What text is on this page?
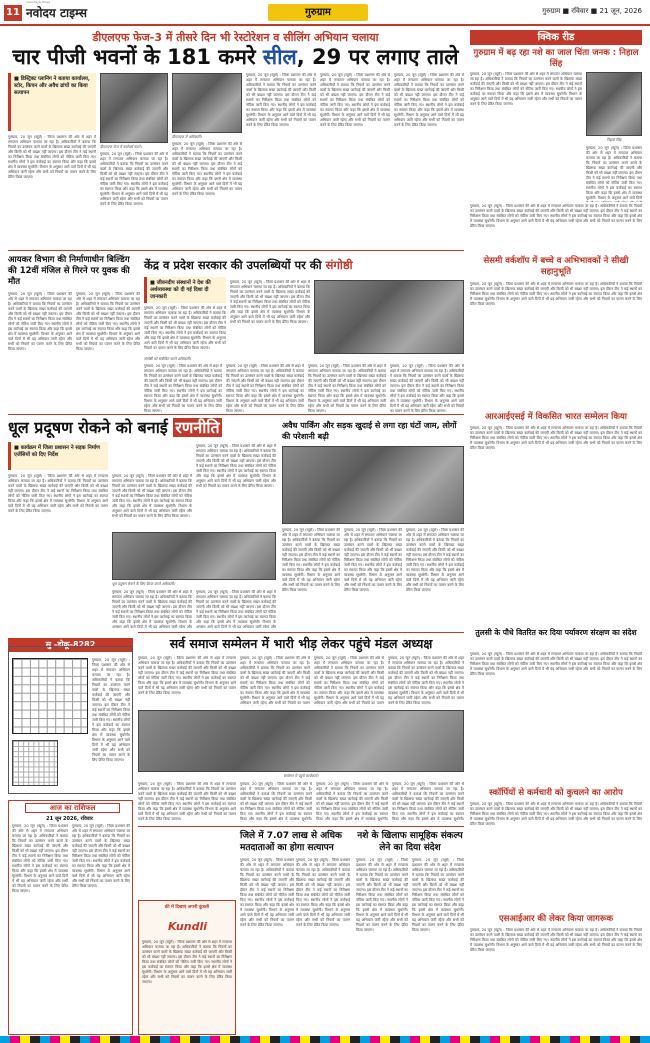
11
navodaya times
नवोदय टाइम्स	गुरुग्राम	गुरुग्राम ■ रविवार ■ 21 जून, 2026
डीएलएफ फेज-3 में तीसरे दिन भी रेस्टोरेशन व सीलिंग अभियान चलाया
चार पीजी भवनों के 181 कमरे सील, 29 पर लगाए ताले

■ डिस्ट्रिक्ट प्लानिंग ने बताया कार्यालय, स्टोर, किचन और अवैध ढांचों का किया सत्यापन

गुरुग्राम, 20 जून (ब्यूरो) : जिला प्रशासन की ओर से शहर में लगातार अभियान चलाया जा रहा है। अधिकारियों ने बताया कि नियमों का उल्लंघन करने वालों के खिलाफ सख्त कार्रवाई की जाएगी और किसी को भी बख्शा नहीं जाएगा। इस दौरान टीम ने कई स्थानों का निरीक्षण किया तथा संबंधित लोगों को नोटिस जारी किए गए। स्थानीय लोगों ने इस कार्रवाई का स्वागत किया और कहा कि इससे क्षेत्र में व्यवस्था सुधरेगी। विभाग के अनुसार आने वाले दिनों में भी यह अभियान जारी रहेगा और सभी को नियमों का पालन करने के लिए प्रेरित किया जाएगा।
डीएलएफ फेज में कार्रवाई करते।
गुरुग्राम, 20 जून (ब्यूरो) : जिला प्रशासन की ओर से शहर में लगातार अभियान चलाया जा रहा है। अधिकारियों ने बताया कि नियमों का उल्लंघन करने वालों के खिलाफ सख्त कार्रवाई की जाएगी और किसी को भी बख्शा नहीं जाएगा। इस दौरान टीम ने कई स्थानों का निरीक्षण किया तथा संबंधित लोगों को नोटिस जारी किए गए। स्थानीय लोगों ने इस कार्रवाई का स्वागत किया और कहा कि इससे क्षेत्र में व्यवस्था सुधरेगी। विभाग के अनुसार आने वाले दिनों में भी यह अभियान जारी रहेगा और सभी को नियमों का पालन करने के लिए प्रेरित किया जाएगा।
डीएलएफ में अधिकारी।
गुरुग्राम, 20 जून (ब्यूरो) : जिला प्रशासन की ओर से शहर में लगातार अभियान चलाया जा रहा है। अधिकारियों ने बताया कि नियमों का उल्लंघन करने वालों के खिलाफ सख्त कार्रवाई की जाएगी और किसी को भी बख्शा नहीं जाएगा। इस दौरान टीम ने कई स्थानों का निरीक्षण किया तथा संबंधित लोगों को नोटिस जारी किए गए। स्थानीय लोगों ने इस कार्रवाई का स्वागत किया और कहा कि इससे क्षेत्र में व्यवस्था सुधरेगी। विभाग के अनुसार आने वाले दिनों में भी यह अभियान जारी रहेगा और सभी को नियमों का पालन करने के लिए प्रेरित किया जाएगा।
गुरुग्राम, 20 जून (ब्यूरो) : जिला प्रशासन की ओर से शहर में लगातार अभियान चलाया जा रहा है। अधिकारियों ने बताया कि नियमों का उल्लंघन करने वालों के खिलाफ सख्त कार्रवाई की जाएगी और किसी को भी बख्शा नहीं जाएगा। इस दौरान टीम ने कई स्थानों का निरीक्षण किया तथा संबंधित लोगों को नोटिस जारी किए गए। स्थानीय लोगों ने इस कार्रवाई का स्वागत किया और कहा कि इससे क्षेत्र में व्यवस्था सुधरेगी। विभाग के अनुसार आने वाले दिनों में भी यह अभियान जारी रहेगा और सभी को नियमों का पालन करने के लिए प्रेरित किया जाएगा।
गुरुग्राम, 20 जून (ब्यूरो) : जिला प्रशासन की ओर से शहर में लगातार अभियान चलाया जा रहा है। अधिकारियों ने बताया कि नियमों का उल्लंघन करने वालों के खिलाफ सख्त कार्रवाई की जाएगी और किसी को भी बख्शा नहीं जाएगा। इस दौरान टीम ने कई स्थानों का निरीक्षण किया तथा संबंधित लोगों को नोटिस जारी किए गए। स्थानीय लोगों ने इस कार्रवाई का स्वागत किया और कहा कि इससे क्षेत्र में व्यवस्था सुधरेगी। विभाग के अनुसार आने वाले दिनों में भी यह अभियान जारी रहेगा और सभी को नियमों का पालन करने के लिए प्रेरित किया जाएगा।
गुरुग्राम, 20 जून (ब्यूरो) : जिला प्रशासन की ओर से शहर में लगातार अभियान चलाया जा रहा है। अधिकारियों ने बताया कि नियमों का उल्लंघन करने वालों के खिलाफ सख्त कार्रवाई की जाएगी और किसी को भी बख्शा नहीं जाएगा। इस दौरान टीम ने कई स्थानों का निरीक्षण किया तथा संबंधित लोगों को नोटिस जारी किए गए। स्थानीय लोगों ने इस कार्रवाई का स्वागत किया और कहा कि इससे क्षेत्र में व्यवस्था सुधरेगी। विभाग के अनुसार आने वाले दिनों में भी यह अभियान जारी रहेगा और सभी को नियमों का पालन करने के लिए प्रेरित किया जाएगा।
आयकर विभाग की निर्माणाधीन बिल्डिंग की 12वीं मंजिल से गिरने पर युवक की मौत
गुरुग्राम, 20 जून (ब्यूरो) : जिला प्रशासन की ओर से शहर में लगातार अभियान चलाया जा रहा है। अधिकारियों ने बताया कि नियमों का उल्लंघन करने वालों के खिलाफ सख्त कार्रवाई की जाएगी और किसी को भी बख्शा नहीं जाएगा। इस दौरान टीम ने कई स्थानों का निरीक्षण किया तथा संबंधित लोगों को नोटिस जारी किए गए। स्थानीय लोगों ने इस कार्रवाई का स्वागत किया और कहा कि इससे क्षेत्र में व्यवस्था सुधरेगी। विभाग के अनुसार आने वाले दिनों में भी यह अभियान जारी रहेगा और सभी को नियमों का पालन करने के लिए प्रेरित किया जाएगा।
गुरुग्राम, 20 जून (ब्यूरो) : जिला प्रशासन की ओर से शहर में लगातार अभियान चलाया जा रहा है। अधिकारियों ने बताया कि नियमों का उल्लंघन करने वालों के खिलाफ सख्त कार्रवाई की जाएगी और किसी को भी बख्शा नहीं जाएगा। इस दौरान टीम ने कई स्थानों का निरीक्षण किया तथा संबंधित लोगों को नोटिस जारी किए गए। स्थानीय लोगों ने इस कार्रवाई का स्वागत किया और कहा कि इससे क्षेत्र में व्यवस्था सुधरेगी। विभाग के अनुसार आने वाले दिनों में भी यह अभियान जारी रहेगा और सभी को नियमों का पालन करने के लिए प्रेरित किया जाएगा।
केंद्र व प्रदेश सरकार की उपलब्धियों पर की संगोष्ठी

■ जीवनदीप संस्थानों ने देश की अर्थव्यवस्था को दी गई दिशा दी जानकारी

गुरुग्राम, 20 जून (ब्यूरो) : जिला प्रशासन की ओर से शहर में लगातार अभियान चलाया जा रहा है। अधिकारियों ने बताया कि नियमों का उल्लंघन करने वालों के खिलाफ सख्त कार्रवाई की जाएगी और किसी को भी बख्शा नहीं जाएगा। इस दौरान टीम ने कई स्थानों का निरीक्षण किया तथा संबंधित लोगों को नोटिस जारी किए गए। स्थानीय लोगों ने इस कार्रवाई का स्वागत किया और कहा कि इससे क्षेत्र में व्यवस्था सुधरेगी। विभाग के अनुसार आने वाले दिनों में भी यह अभियान जारी रहेगा और सभी को नियमों का पालन करने के लिए प्रेरित किया जाएगा।
गुरुग्राम, 20 जून (ब्यूरो) : जिला प्रशासन की ओर से शहर में लगातार अभियान चलाया जा रहा है। अधिकारियों ने बताया कि नियमों का उल्लंघन करने वालों के खिलाफ सख्त कार्रवाई की जाएगी और किसी को भी बख्शा नहीं जाएगा। इस दौरान टीम ने कई स्थानों का निरीक्षण किया तथा संबंधित लोगों को नोटिस जारी किए गए। स्थानीय लोगों ने इस कार्रवाई का स्वागत किया और कहा कि इससे क्षेत्र में व्यवस्था सुधरेगी। विभाग के अनुसार आने वाले दिनों में भी यह अभियान जारी रहेगा और सभी को नियमों का पालन करने के लिए प्रेरित किया जाएगा।
संगोष्ठी को संबोधित करते अधिकारी।
गुरुग्राम, 20 जून (ब्यूरो) : जिला प्रशासन की ओर से शहर में लगातार अभियान चलाया जा रहा है। अधिकारियों ने बताया कि नियमों का उल्लंघन करने वालों के खिलाफ सख्त कार्रवाई की जाएगी और किसी को भी बख्शा नहीं जाएगा। इस दौरान टीम ने कई स्थानों का निरीक्षण किया तथा संबंधित लोगों को नोटिस जारी किए गए। स्थानीय लोगों ने इस कार्रवाई का स्वागत किया और कहा कि इससे क्षेत्र में व्यवस्था सुधरेगी। विभाग के अनुसार आने वाले दिनों में भी यह अभियान जारी रहेगा और सभी को नियमों का पालन करने के लिए प्रेरित किया जाएगा।
गुरुग्राम, 20 जून (ब्यूरो) : जिला प्रशासन की ओर से शहर में लगातार अभियान चलाया जा रहा है। अधिकारियों ने बताया कि नियमों का उल्लंघन करने वालों के खिलाफ सख्त कार्रवाई की जाएगी और किसी को भी बख्शा नहीं जाएगा। इस दौरान टीम ने कई स्थानों का निरीक्षण किया तथा संबंधित लोगों को नोटिस जारी किए गए। स्थानीय लोगों ने इस कार्रवाई का स्वागत किया और कहा कि इससे क्षेत्र में व्यवस्था सुधरेगी। विभाग के अनुसार आने वाले दिनों में भी यह अभियान जारी रहेगा और सभी को नियमों का पालन करने के लिए प्रेरित किया जाएगा।
गुरुग्राम, 20 जून (ब्यूरो) : जिला प्रशासन की ओर से शहर में लगातार अभियान चलाया जा रहा है। अधिकारियों ने बताया कि नियमों का उल्लंघन करने वालों के खिलाफ सख्त कार्रवाई की जाएगी और किसी को भी बख्शा नहीं जाएगा। इस दौरान टीम ने कई स्थानों का निरीक्षण किया तथा संबंधित लोगों को नोटिस जारी किए गए। स्थानीय लोगों ने इस कार्रवाई का स्वागत किया और कहा कि इससे क्षेत्र में व्यवस्था सुधरेगी। विभाग के अनुसार आने वाले दिनों में भी यह अभियान जारी रहेगा और सभी को नियमों का पालन करने के लिए प्रेरित किया जाएगा।
गुरुग्राम, 20 जून (ब्यूरो) : जिला प्रशासन की ओर से शहर में लगातार अभियान चलाया जा रहा है। अधिकारियों ने बताया कि नियमों का उल्लंघन करने वालों के खिलाफ सख्त कार्रवाई की जाएगी और किसी को भी बख्शा नहीं जाएगा। इस दौरान टीम ने कई स्थानों का निरीक्षण किया तथा संबंधित लोगों को नोटिस जारी किए गए। स्थानीय लोगों ने इस कार्रवाई का स्वागत किया और कहा कि इससे क्षेत्र में व्यवस्था सुधरेगी। विभाग के अनुसार आने वाले दिनों में भी यह अभियान जारी रहेगा और सभी को नियमों का पालन करने के लिए प्रेरित किया जाएगा।
धूल प्रदूषण रोकने को बनाई रणनीति

■ कार्यक्रम में जिला प्रशासन ने सड़क निर्माण एजेंसियों को दिए निर्देश

गुरुग्राम, 20 जून (ब्यूरो) : जिला प्रशासन की ओर से शहर में लगातार अभियान चलाया जा रहा है। अधिकारियों ने बताया कि नियमों का उल्लंघन करने वालों के खिलाफ सख्त कार्रवाई की जाएगी और किसी को भी बख्शा नहीं जाएगा। इस दौरान टीम ने कई स्थानों का निरीक्षण किया तथा संबंधित लोगों को नोटिस जारी किए गए। स्थानीय लोगों ने इस कार्रवाई का स्वागत किया और कहा कि इससे क्षेत्र में व्यवस्था सुधरेगी। विभाग के अनुसार आने वाले दिनों में भी यह अभियान जारी रहेगा और सभी को नियमों का पालन करने के लिए प्रेरित किया जाएगा।
गुरुग्राम, 20 जून (ब्यूरो) : जिला प्रशासन की ओर से शहर में लगातार अभियान चलाया जा रहा है। अधिकारियों ने बताया कि नियमों का उल्लंघन करने वालों के खिलाफ सख्त कार्रवाई की जाएगी और किसी को भी बख्शा नहीं जाएगा। इस दौरान टीम ने कई स्थानों का निरीक्षण किया तथा संबंधित लोगों को नोटिस जारी किए गए। स्थानीय लोगों ने इस कार्रवाई का स्वागत किया और कहा कि इससे क्षेत्र में व्यवस्था सुधरेगी। विभाग के अनुसार आने वाले दिनों में भी यह अभियान जारी रहेगा और सभी को नियमों का पालन करने के लिए प्रेरित किया जाएगा।
गुरुग्राम, 20 जून (ब्यूरो) : जिला प्रशासन की ओर से शहर में लगातार अभियान चलाया जा रहा है। अधिकारियों ने बताया कि नियमों का उल्लंघन करने वालों के खिलाफ सख्त कार्रवाई की जाएगी और किसी को भी बख्शा नहीं जाएगा। इस दौरान टीम ने कई स्थानों का निरीक्षण किया तथा संबंधित लोगों को नोटिस जारी किए गए। स्थानीय लोगों ने इस कार्रवाई का स्वागत किया और कहा कि इससे क्षेत्र में व्यवस्था सुधरेगी। विभाग के अनुसार आने वाले दिनों में भी यह अभियान जारी रहेगा और सभी को नियमों का पालन करने के लिए प्रेरित किया जाएगा।
धूल प्रदूषण रोकने के लिए बैठक करते अधिकारी।
गुरुग्राम, 20 जून (ब्यूरो) : जिला प्रशासन की ओर से शहर में लगातार अभियान चलाया जा रहा है। अधिकारियों ने बताया कि नियमों का उल्लंघन करने वालों के खिलाफ सख्त कार्रवाई की जाएगी और किसी को भी बख्शा नहीं जाएगा। इस दौरान टीम ने कई स्थानों का निरीक्षण किया तथा संबंधित लोगों को नोटिस जारी किए गए। स्थानीय लोगों ने इस कार्रवाई का स्वागत किया और कहा कि इससे क्षेत्र में व्यवस्था सुधरेगी। विभाग के अनुसार आने वाले दिनों में भी यह अभियान जारी रहेगा और
गुरुग्राम, 20 जून (ब्यूरो) : जिला प्रशासन की ओर से शहर में लगातार अभियान चलाया जा रहा है। अधिकारियों ने बताया कि नियमों का उल्लंघन करने वालों के खिलाफ सख्त कार्रवाई की जाएगी और किसी को भी बख्शा नहीं जाएगा। इस दौरान टीम ने कई स्थानों का निरीक्षण किया तथा संबंधित लोगों को नोटिस जारी किए गए। स्थानीय लोगों ने इस कार्रवाई का स्वागत किया और कहा कि इससे क्षेत्र में व्यवस्था सुधरेगी। विभाग के अनुसार आने वाले दिनों में भी यह अभियान जारी रहेगा और
अवैध पार्किंग और सड़क खुदाई से लगा रहा घंटों जाम, लोगों की परेशानी बढ़ी
गुरुग्राम, 20 जून (ब्यूरो) : जिला प्रशासन की ओर से शहर में लगातार अभियान चलाया जा रहा है। अधिकारियों ने बताया कि नियमों का उल्लंघन करने वालों के खिलाफ सख्त कार्रवाई की जाएगी और किसी को भी बख्शा नहीं जाएगा। इस दौरान टीम ने कई स्थानों का निरीक्षण किया तथा संबंधित लोगों को नोटिस जारी किए गए। स्थानीय लोगों ने इस कार्रवाई का स्वागत किया और कहा कि इससे क्षेत्र में व्यवस्था सुधरेगी। विभाग के अनुसार आने वाले दिनों में भी यह अभियान जारी रहेगा और सभी को नियमों का पालन करने के लिए प्रेरित किया जाएगा।
गुरुग्राम, 20 जून (ब्यूरो) : जिला प्रशासन की ओर से शहर में लगातार अभियान चलाया जा रहा है। अधिकारियों ने बताया कि नियमों का उल्लंघन करने वालों के खिलाफ सख्त कार्रवाई की जाएगी और किसी को भी बख्शा नहीं जाएगा। इस दौरान टीम ने कई स्थानों का निरीक्षण किया तथा संबंधित लोगों को नोटिस जारी किए गए। स्थानीय लोगों ने इस कार्रवाई का स्वागत किया और कहा कि इससे क्षेत्र में व्यवस्था सुधरेगी। विभाग के अनुसार आने वाले दिनों में भी यह अभियान जारी रहेगा और सभी को नियमों का पालन करने के लिए प्रेरित किया जाएगा।
गुरुग्राम, 20 जून (ब्यूरो) : जिला प्रशासन की ओर से शहर में लगातार अभियान चलाया जा रहा है। अधिकारियों ने बताया कि नियमों का उल्लंघन करने वालों के खिलाफ सख्त कार्रवाई की जाएगी और किसी को भी बख्शा नहीं जाएगा। इस दौरान टीम ने कई स्थानों का निरीक्षण किया तथा संबंधित लोगों को नोटिस जारी किए गए। स्थानीय लोगों ने इस कार्रवाई का स्वागत किया और कहा कि इससे क्षेत्र में व्यवस्था सुधरेगी। विभाग के अनुसार आने वाले दिनों में भी यह अभियान जारी रहेगा और सभी को नियमों का पालन करने के लिए प्रेरित किया जाएगा।
सु -डोकू-8282
गुरुग्राम, 20 जून (ब्यूरो) : जिला प्रशासन की ओर से शहर में लगातार अभियान चलाया जा रहा है। अधिकारियों ने बताया कि नियमों का उल्लंघन करने वालों के खिलाफ सख्त कार्रवाई की जाएगी और किसी को भी बख्शा नहीं जाएगा। इस दौरान टीम ने कई स्थानों का निरीक्षण किया तथा संबंधित लोगों को नोटिस जारी किए गए। स्थानीय लोगों ने इस कार्रवाई का स्वागत किया और कहा कि इससे क्षेत्र में व्यवस्था सुधरेगी। विभाग के अनुसार आने वाले दिनों में भी यह अभियान जारी रहेगा और सभी को नियमों का पालन करने के लिए प्रेरित किया जाएगा।
आज का राशिफल
21 जून 2026, रविवार
गुरुग्राम, 20 जून (ब्यूरो) : जिला प्रशासन की ओर से शहर में लगातार अभियान चलाया जा रहा है। अधिकारियों ने बताया कि नियमों का उल्लंघन करने वालों के खिलाफ सख्त कार्रवाई की जाएगी और किसी को भी बख्शा नहीं जाएगा। इस दौरान टीम ने कई स्थानों का निरीक्षण किया तथा संबंधित लोगों को नोटिस जारी किए गए। स्थानीय लोगों ने इस कार्रवाई का स्वागत किया और कहा कि इससे क्षेत्र में व्यवस्था सुधरेगी। विभाग के अनुसार आने वाले दिनों में भी यह अभियान जारी रहेगा और सभी को नियमों का पालन करने के लिए प्रेरित किया जाएगा।
गुरुग्राम, 20 जून (ब्यूरो) : जिला प्रशासन की ओर से शहर में लगातार अभियान चलाया जा रहा है। अधिकारियों ने बताया कि नियमों का उल्लंघन करने वालों के खिलाफ सख्त कार्रवाई की जाएगी और किसी को भी बख्शा नहीं जाएगा। इस दौरान टीम ने कई स्थानों का निरीक्षण किया तथा संबंधित लोगों को नोटिस जारी किए गए। स्थानीय लोगों ने इस कार्रवाई का स्वागत किया और कहा कि इससे क्षेत्र में व्यवस्था सुधरेगी। विभाग के अनुसार आने वाले दिनों में भी यह अभियान जारी रहेगा और सभी को नियमों का पालन करने के लिए प्रेरित किया जाएगा।
सर्व समाज सम्मेलन में भारी भीड़ लेकर पहुंचे मंडल अध्यक्ष
गुरुग्राम, 20 जून (ब्यूरो) : जिला प्रशासन की ओर से शहर में लगातार अभियान चलाया जा रहा है। अधिकारियों ने बताया कि नियमों का उल्लंघन करने वालों के खिलाफ सख्त कार्रवाई की जाएगी और किसी को भी बख्शा नहीं जाएगा। इस दौरान टीम ने कई स्थानों का निरीक्षण किया तथा संबंधित लोगों को नोटिस जारी किए गए। स्थानीय लोगों ने इस कार्रवाई का स्वागत किया और कहा कि इससे क्षेत्र में व्यवस्था सुधरेगी। विभाग के अनुसार आने वाले दिनों में भी यह अभियान जारी रहेगा और सभी को नियमों का पालन करने के लिए प्रेरित किया जाएगा।
गुरुग्राम, 20 जून (ब्यूरो) : जिला प्रशासन की ओर से शहर में लगातार अभियान चलाया जा रहा है। अधिकारियों ने बताया कि नियमों का उल्लंघन करने वालों के खिलाफ सख्त कार्रवाई की जाएगी और किसी को भी बख्शा नहीं जाएगा। इस दौरान टीम ने कई स्थानों का निरीक्षण किया तथा संबंधित लोगों को नोटिस जारी किए गए। स्थानीय लोगों ने इस कार्रवाई का स्वागत किया और कहा कि इससे क्षेत्र में व्यवस्था सुधरेगी। विभाग के अनुसार आने वाले दिनों में भी यह अभियान जारी रहेगा और सभी को नियमों का पालन
गुरुग्राम, 20 जून (ब्यूरो) : जिला प्रशासन की ओर से शहर में लगातार अभियान चलाया जा रहा है। अधिकारियों ने बताया कि नियमों का उल्लंघन करने वालों के खिलाफ सख्त कार्रवाई की जाएगी और किसी को भी बख्शा नहीं जाएगा। इस दौरान टीम ने कई स्थानों का निरीक्षण किया तथा संबंधित लोगों को नोटिस जारी किए गए। स्थानीय लोगों ने इस कार्रवाई का स्वागत किया और कहा कि इससे क्षेत्र में व्यवस्था सुधरेगी। विभाग के अनुसार आने वाले दिनों में भी यह अभियान जारी रहेगा और सभी को नियमों का पालन
गुरुग्राम, 20 जून (ब्यूरो) : जिला प्रशासन की ओर से शहर में लगातार अभियान चलाया जा रहा है। अधिकारियों ने बताया कि नियमों का उल्लंघन करने वालों के खिलाफ सख्त कार्रवाई की जाएगी और किसी को भी बख्शा नहीं जाएगा। इस दौरान टीम ने कई स्थानों का निरीक्षण किया तथा संबंधित लोगों को नोटिस जारी किए गए। स्थानीय लोगों ने इस कार्रवाई का स्वागत किया और कहा कि इससे क्षेत्र में व्यवस्था सुधरेगी। विभाग के अनुसार आने वाले दिनों में भी यह अभियान जारी रहेगा और सभी को नियमों का पालन करने के लिए प्रेरित किया जाएगा।
सम्मेलन में पहुंचे कार्यकर्ता।
गुरुग्राम, 20 जून (ब्यूरो) : जिला प्रशासन की ओर से शहर में लगातार अभियान चलाया जा रहा है। अधिकारियों ने बताया कि नियमों का उल्लंघन करने वालों के खिलाफ सख्त कार्रवाई की जाएगी और किसी को भी बख्शा नहीं जाएगा। इस दौरान टीम ने कई स्थानों का निरीक्षण किया तथा संबंधित लोगों को नोटिस जारी किए गए। स्थानीय लोगों ने इस कार्रवाई का स्वागत किया और कहा कि इससे क्षेत्र में व्यवस्था सुधरेगी। विभाग के अनुसार आने वाले दिनों में भी यह अभियान जारी रहेगा और सभी को नियमों का पालन करने के लिए प्रेरित किया जाएगा।
गुरुग्राम, 20 जून (ब्यूरो) : जिला प्रशासन की ओर से शहर में लगातार अभियान चलाया जा रहा है। अधिकारियों ने बताया कि नियमों का उल्लंघन करने वालों के खिलाफ सख्त कार्रवाई की जाएगी और किसी को भी बख्शा नहीं जाएगा। इस दौरान टीम ने कई स्थानों का निरीक्षण किया तथा संबंधित लोगों को नोटिस जारी किए गए। स्थानीय लोगों ने इस कार्रवाई का स्वागत किया और कहा कि इससे क्षेत्र में व्यवस्था सुधरेगी।
गुरुग्राम, 20 जून (ब्यूरो) : जिला प्रशासन की ओर से शहर में लगातार अभियान चलाया जा रहा है। अधिकारियों ने बताया कि नियमों का उल्लंघन करने वालों के खिलाफ सख्त कार्रवाई की जाएगी और किसी को भी बख्शा नहीं जाएगा। इस दौरान टीम ने कई स्थानों का निरीक्षण किया तथा संबंधित लोगों को नोटिस जारी किए गए। स्थानीय लोगों ने इस कार्रवाई का स्वागत किया और कहा कि इससे क्षेत्र में व्यवस्था सुधरेगी।
गुरुग्राम, 20 जून (ब्यूरो) : जिला प्रशासन की ओर से शहर में लगातार अभियान चलाया जा रहा है। अधिकारियों ने बताया कि नियमों का उल्लंघन करने वालों के खिलाफ सख्त कार्रवाई की जाएगी और किसी को भी बख्शा नहीं जाएगा। इस दौरान टीम ने कई स्थानों का निरीक्षण किया तथा संबंधित लोगों को नोटिस जारी किए गए। स्थानीय लोगों ने इस कार्रवाई का स्वागत किया और कहा कि इससे क्षेत्र में व्यवस्था सुधरेगी।
जिले में 7.07 लाख से अधिक मतदाताओं का होगा सत्यापन
गुरुग्राम, 20 जून (ब्यूरो) : जिला प्रशासन की ओर से शहर में लगातार अभियान चलाया जा रहा है। अधिकारियों ने बताया कि नियमों का उल्लंघन करने वालों के खिलाफ सख्त कार्रवाई की जाएगी और किसी को भी बख्शा नहीं जाएगा। इस दौरान टीम ने कई स्थानों का निरीक्षण किया तथा संबंधित लोगों को नोटिस जारी किए गए। स्थानीय लोगों ने इस कार्रवाई का स्वागत किया और कहा कि इससे क्षेत्र में व्यवस्था सुधरेगी। विभाग के अनुसार आने वाले दिनों में भी यह अभियान जारी रहेगा और सभी को नियमों का पालन करने के लिए प्रेरित किया जाएगा।
गुरुग्राम, 20 जून (ब्यूरो) : जिला प्रशासन की ओर से शहर में लगातार अभियान चलाया जा रहा है। अधिकारियों ने बताया कि नियमों का उल्लंघन करने वालों के खिलाफ सख्त कार्रवाई की जाएगी और किसी को भी बख्शा नहीं जाएगा। इस दौरान टीम ने कई स्थानों का निरीक्षण किया तथा संबंधित लोगों को नोटिस जारी किए गए। स्थानीय लोगों ने इस कार्रवाई का स्वागत किया और कहा कि इससे क्षेत्र में व्यवस्था सुधरेगी। विभाग के अनुसार आने वाले दिनों में भी यह अभियान जारी रहेगा और सभी को नियमों का पालन करने के लिए प्रेरित किया जाएगा।
नशे के खिलाफ सामूहिक संकल्प लेने का दिया संदेश
गुरुग्राम, 20 जून (ब्यूरो) : जिला प्रशासन की ओर से शहर में लगातार अभियान चलाया जा रहा है। अधिकारियों ने बताया कि नियमों का उल्लंघन करने वालों के खिलाफ सख्त कार्रवाई की जाएगी और किसी को भी बख्शा नहीं जाएगा। इस दौरान टीम ने कई स्थानों का निरीक्षण किया तथा संबंधित लोगों को नोटिस जारी किए गए। स्थानीय लोगों ने इस कार्रवाई का स्वागत किया और कहा कि इससे क्षेत्र में व्यवस्था सुधरेगी। विभाग के अनुसार आने वाले दिनों में भी यह अभियान जारी रहेगा और सभी को नियमों का पालन करने के लिए प्रेरित किया जाएगा।
गुरुग्राम, 20 जून (ब्यूरो) : जिला प्रशासन की ओर से शहर में लगातार अभियान चलाया जा रहा है। अधिकारियों ने बताया कि नियमों का उल्लंघन करने वालों के खिलाफ सख्त कार्रवाई की जाएगी और किसी को भी बख्शा नहीं जाएगा। इस दौरान टीम ने कई स्थानों का निरीक्षण किया तथा संबंधित लोगों को नोटिस जारी किए गए। स्थानीय लोगों ने इस कार्रवाई का स्वागत किया और कहा कि इससे क्षेत्र में व्यवस्था सुधरेगी। विभाग के अनुसार आने वाले दिनों में भी यह अभियान जारी रहेगा और सभी को नियमों का पालन करने के लिए प्रेरित किया जाएगा।
फ्री में दिखाएं अपनी कुंडली
Kundli
गुरुग्राम, 20 जून (ब्यूरो) : जिला प्रशासन की ओर से शहर में लगातार अभियान चलाया जा रहा है। अधिकारियों ने बताया कि नियमों का उल्लंघन करने वालों के खिलाफ सख्त कार्रवाई की जाएगी और किसी को भी बख्शा नहीं जाएगा। इस दौरान टीम ने कई स्थानों का निरीक्षण किया तथा संबंधित लोगों को नोटिस जारी किए गए। स्थानीय लोगों ने इस कार्रवाई का स्वागत किया और कहा कि इससे क्षेत्र में व्यवस्था सुधरेगी। विभाग के अनुसार आने वाले दिनों में भी यह अभियान जारी रहेगा और सभी को नियमों का पालन करने के लिए प्रेरित किया जाएगा।
क्विक रीड
गुरुग्राम में बढ़ रहा नशे का जाल चिंता जनक : निहाल सिंह
गुरुग्राम, 20 जून (ब्यूरो) : जिला प्रशासन की ओर से शहर में लगातार अभियान चलाया जा रहा है। अधिकारियों ने बताया कि नियमों का उल्लंघन करने वालों के खिलाफ सख्त कार्रवाई की जाएगी और किसी को भी बख्शा नहीं जाएगा। इस दौरान टीम ने कई स्थानों का निरीक्षण किया तथा संबंधित लोगों को नोटिस जारी किए गए। स्थानीय लोगों ने इस कार्रवाई का स्वागत किया और कहा कि इससे क्षेत्र में व्यवस्था सुधरेगी। विभाग के अनुसार आने वाले दिनों में भी यह अभियान जारी रहेगा और सभी को नियमों का पालन करने के लिए प्रेरित किया जाएगा।
निहाल सिंह
गुरुग्राम, 20 जून (ब्यूरो) : जिला प्रशासन की ओर से शहर में लगातार अभियान चलाया जा रहा है। अधिकारियों ने बताया कि नियमों का उल्लंघन करने वालों के खिलाफ सख्त कार्रवाई की जाएगी और किसी को भी बख्शा नहीं जाएगा। इस दौरान टीम ने कई स्थानों का निरीक्षण किया तथा संबंधित लोगों को नोटिस जारी किए गए। स्थानीय लोगों ने इस कार्रवाई का स्वागत किया और कहा कि इससे क्षेत्र में व्यवस्था सुधरेगी। विभाग के अनुसार आने वाले दिनों
गुरुग्राम, 20 जून (ब्यूरो) : जिला प्रशासन की ओर से शहर में लगातार अभियान चलाया जा रहा है। अधिकारियों ने बताया कि नियमों का उल्लंघन करने वालों के खिलाफ सख्त कार्रवाई की जाएगी और किसी को भी बख्शा नहीं जाएगा। इस दौरान टीम ने कई स्थानों का निरीक्षण किया तथा संबंधित लोगों को नोटिस जारी किए गए। स्थानीय लोगों ने इस कार्रवाई का स्वागत किया और कहा कि इससे क्षेत्र में व्यवस्था सुधरेगी। विभाग के अनुसार आने वाले दिनों में भी यह अभियान जारी रहेगा और सभी को नियमों का पालन करने के लिए प्रेरित किया जाएगा।
सेसमी वर्कशॉप में बच्चे व अभिभावकों ने सीखी सहानुभूति
गुरुग्राम, 20 जून (ब्यूरो) : जिला प्रशासन की ओर से शहर में लगातार अभियान चलाया जा रहा है। अधिकारियों ने बताया कि नियमों का उल्लंघन करने वालों के खिलाफ सख्त कार्रवाई की जाएगी और किसी को भी बख्शा नहीं जाएगा। इस दौरान टीम ने कई स्थानों का निरीक्षण किया तथा संबंधित लोगों को नोटिस जारी किए गए। स्थानीय लोगों ने इस कार्रवाई का स्वागत किया और कहा कि इससे क्षेत्र में व्यवस्था सुधरेगी। विभाग के अनुसार आने वाले दिनों में भी यह अभियान जारी रहेगा और सभी को नियमों का पालन करने के लिए प्रेरित किया जाएगा।
आरआईएसई में विकसित भारत सम्मेलन किया
गुरुग्राम, 20 जून (ब्यूरो) : जिला प्रशासन की ओर से शहर में लगातार अभियान चलाया जा रहा है। अधिकारियों ने बताया कि नियमों का उल्लंघन करने वालों के खिलाफ सख्त कार्रवाई की जाएगी और किसी को भी बख्शा नहीं जाएगा। इस दौरान टीम ने कई स्थानों का निरीक्षण किया तथा संबंधित लोगों को नोटिस जारी किए गए। स्थानीय लोगों ने इस कार्रवाई का स्वागत किया और कहा कि इससे क्षेत्र में व्यवस्था सुधरेगी। विभाग के अनुसार आने वाले दिनों में भी यह अभियान जारी रहेगा और सभी को नियमों का पालन करने के लिए प्रेरित किया जाएगा।
तुलसी के पौधे वितरित कर दिया पर्यावरण संरक्षण का संदेश
गुरुग्राम, 20 जून (ब्यूरो) : जिला प्रशासन की ओर से शहर में लगातार अभियान चलाया जा रहा है। अधिकारियों ने बताया कि नियमों का उल्लंघन करने वालों के खिलाफ सख्त कार्रवाई की जाएगी और किसी को भी बख्शा नहीं जाएगा। इस दौरान टीम ने कई स्थानों का निरीक्षण किया तथा संबंधित लोगों को नोटिस जारी किए गए। स्थानीय लोगों ने इस कार्रवाई का स्वागत किया और कहा कि इससे क्षेत्र में व्यवस्था सुधरेगी। विभाग के अनुसार आने वाले दिनों में भी यह अभियान जारी रहेगा और सभी को नियमों का पालन करने के लिए प्रेरित किया जाएगा।
स्कॉर्पियों से कर्मचारी को कुचलने का आरोप
गुरुग्राम, 20 जून (ब्यूरो) : जिला प्रशासन की ओर से शहर में लगातार अभियान चलाया जा रहा है। अधिकारियों ने बताया कि नियमों का उल्लंघन करने वालों के खिलाफ सख्त कार्रवाई की जाएगी और किसी को भी बख्शा नहीं जाएगा। इस दौरान टीम ने कई स्थानों का निरीक्षण किया तथा संबंधित लोगों को नोटिस जारी किए गए। स्थानीय लोगों ने इस कार्रवाई का स्वागत किया और कहा कि इससे क्षेत्र में व्यवस्था सुधरेगी। विभाग के अनुसार आने वाले दिनों में भी यह अभियान जारी रहेगा और सभी को नियमों का पालन करने के लिए प्रेरित किया जाएगा।
एसआईआर की लेकर किया जागरूक
गुरुग्राम, 20 जून (ब्यूरो) : जिला प्रशासन की ओर से शहर में लगातार अभियान चलाया जा रहा है। अधिकारियों ने बताया कि नियमों का उल्लंघन करने वालों के खिलाफ सख्त कार्रवाई की जाएगी और किसी को भी बख्शा नहीं जाएगा। इस दौरान टीम ने कई स्थानों का निरीक्षण किया तथा संबंधित लोगों को नोटिस जारी किए गए। स्थानीय लोगों ने इस कार्रवाई का स्वागत किया और कहा कि इससे क्षेत्र में व्यवस्था सुधरेगी। विभाग के अनुसार आने वाले दिनों में भी यह अभियान जारी रहेगा और सभी को नियमों का पालन करने के लिए प्रेरित किया जाएगा।
